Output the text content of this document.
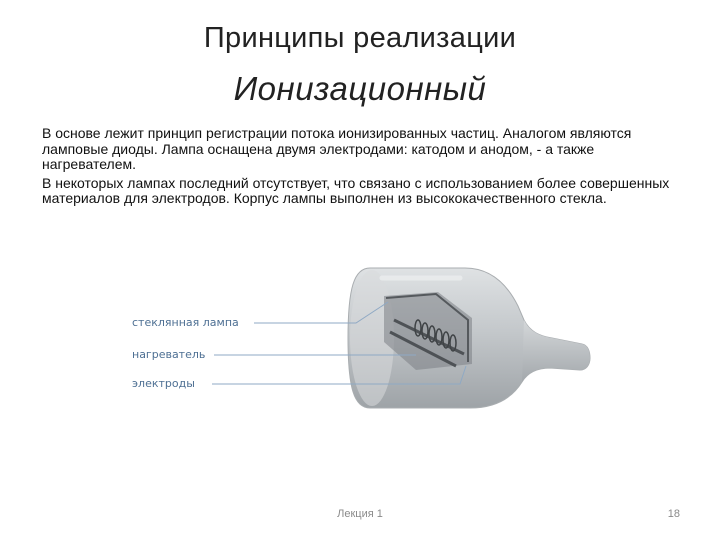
Принципы реализации
Ионизационный

В основе лежит принцип регистрации потока ионизированных частиц. Аналогом являются ламповые диоды. Лампа оснащена двумя электродами: катодом и анодом, - а также нагревателем.

В некоторых лампах последний отсутствует, что связано с использованием более совершенных материалов для электродов. Корпус лампы выполнен из высококачественного стекла.

стеклянная лампа
нагреватель
электроды
Лекция 1	18
